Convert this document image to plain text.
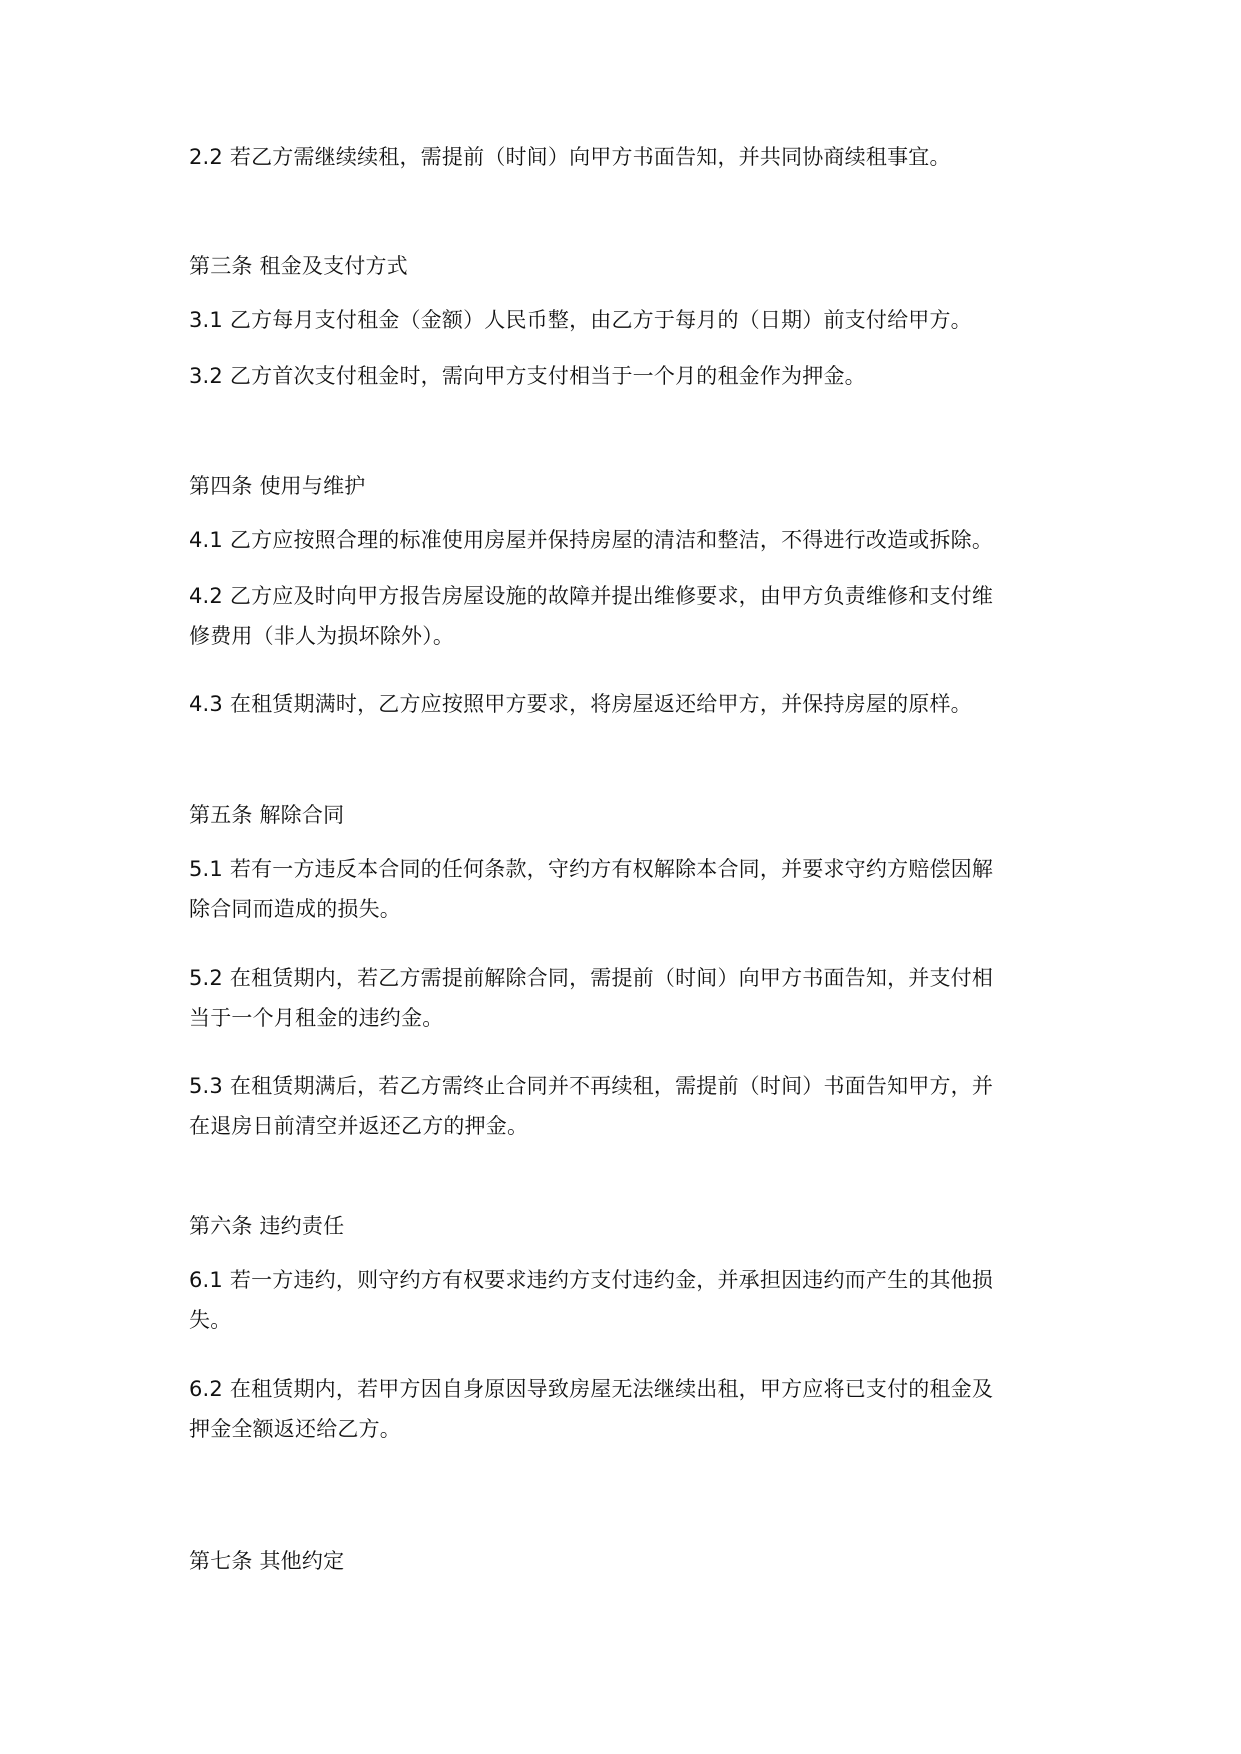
2.2 若乙方需继续续租，需提前（时间）向甲方书面告知，并共同协商续租事宜。
第三条 租金及支付方式
3.1 乙方每月支付租金（金额）人民币整，由乙方于每月的（日期）前支付给甲方。
3.2 乙方首次支付租金时，需向甲方支付相当于一个月的租金作为押金。
第四条 使用与维护
4.1 乙方应按照合理的标准使用房屋并保持房屋的清洁和整洁，不得进行改造或拆除。
4.2 乙方应及时向甲方报告房屋设施的故障并提出维修要求，由甲方负责维修和支付维
修费用（非人为损坏除外）。
4.3 在租赁期满时，乙方应按照甲方要求，将房屋返还给甲方，并保持房屋的原样。
第五条 解除合同
5.1 若有一方违反本合同的任何条款，守约方有权解除本合同，并要求守约方赔偿因解
除合同而造成的损失。
5.2 在租赁期内，若乙方需提前解除合同，需提前（时间）向甲方书面告知，并支付相
当于一个月租金的违约金。
5.3 在租赁期满后，若乙方需终止合同并不再续租，需提前（时间）书面告知甲方，并
在退房日前清空并返还乙方的押金。
第六条 违约责任
6.1 若一方违约，则守约方有权要求违约方支付违约金，并承担因违约而产生的其他损
失。
6.2 在租赁期内，若甲方因自身原因导致房屋无法继续出租，甲方应将已支付的租金及
押金全额返还给乙方。
第七条 其他约定
